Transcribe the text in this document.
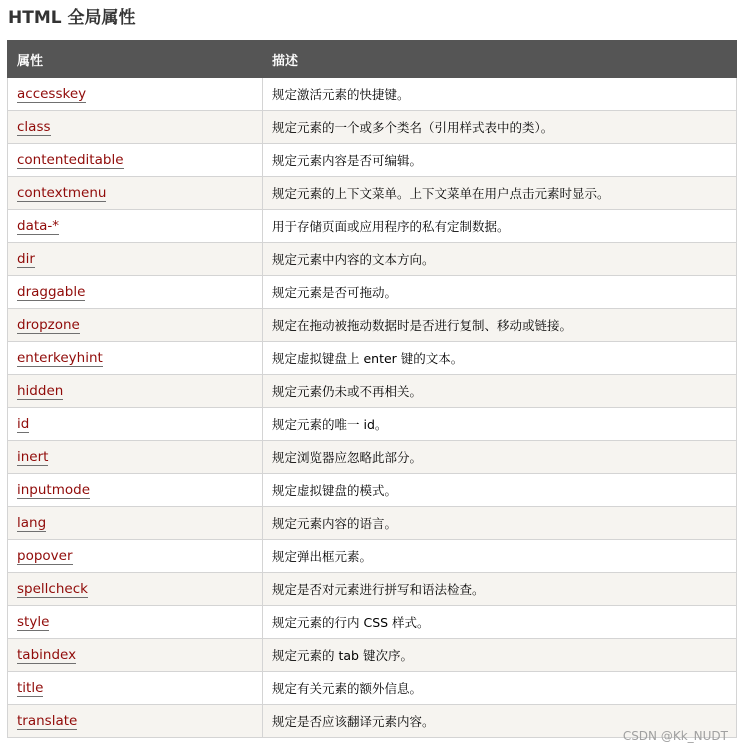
HTML 全局属性
属性	描述
accesskey	规定激活元素的快捷键。
class	规定元素的一个或多个类名（引用样式表中的类）。
contenteditable	规定元素内容是否可编辑。
contextmenu	规定元素的上下文菜单。上下文菜单在用户点击元素时显示。
data-*	用于存储页面或应用程序的私有定制数据。
dir	规定元素中内容的文本方向。
draggable	规定元素是否可拖动。
dropzone	规定在拖动被拖动数据时是否进行复制、移动或链接。
enterkeyhint	规定虚拟键盘上 enter 键的文本。
hidden	规定元素仍未或不再相关。
id	规定元素的唯一 id。
inert	规定浏览器应忽略此部分。
inputmode	规定虚拟键盘的模式。
lang	规定元素内容的语言。
popover	规定弹出框元素。
spellcheck	规定是否对元素进行拼写和语法检查。
style	规定元素的行内 CSS 样式。
tabindex	规定元素的 tab 键次序。
title	规定有关元素的额外信息。
translate	规定是否应该翻译元素内容。
CSDN @Kk_NUDT
